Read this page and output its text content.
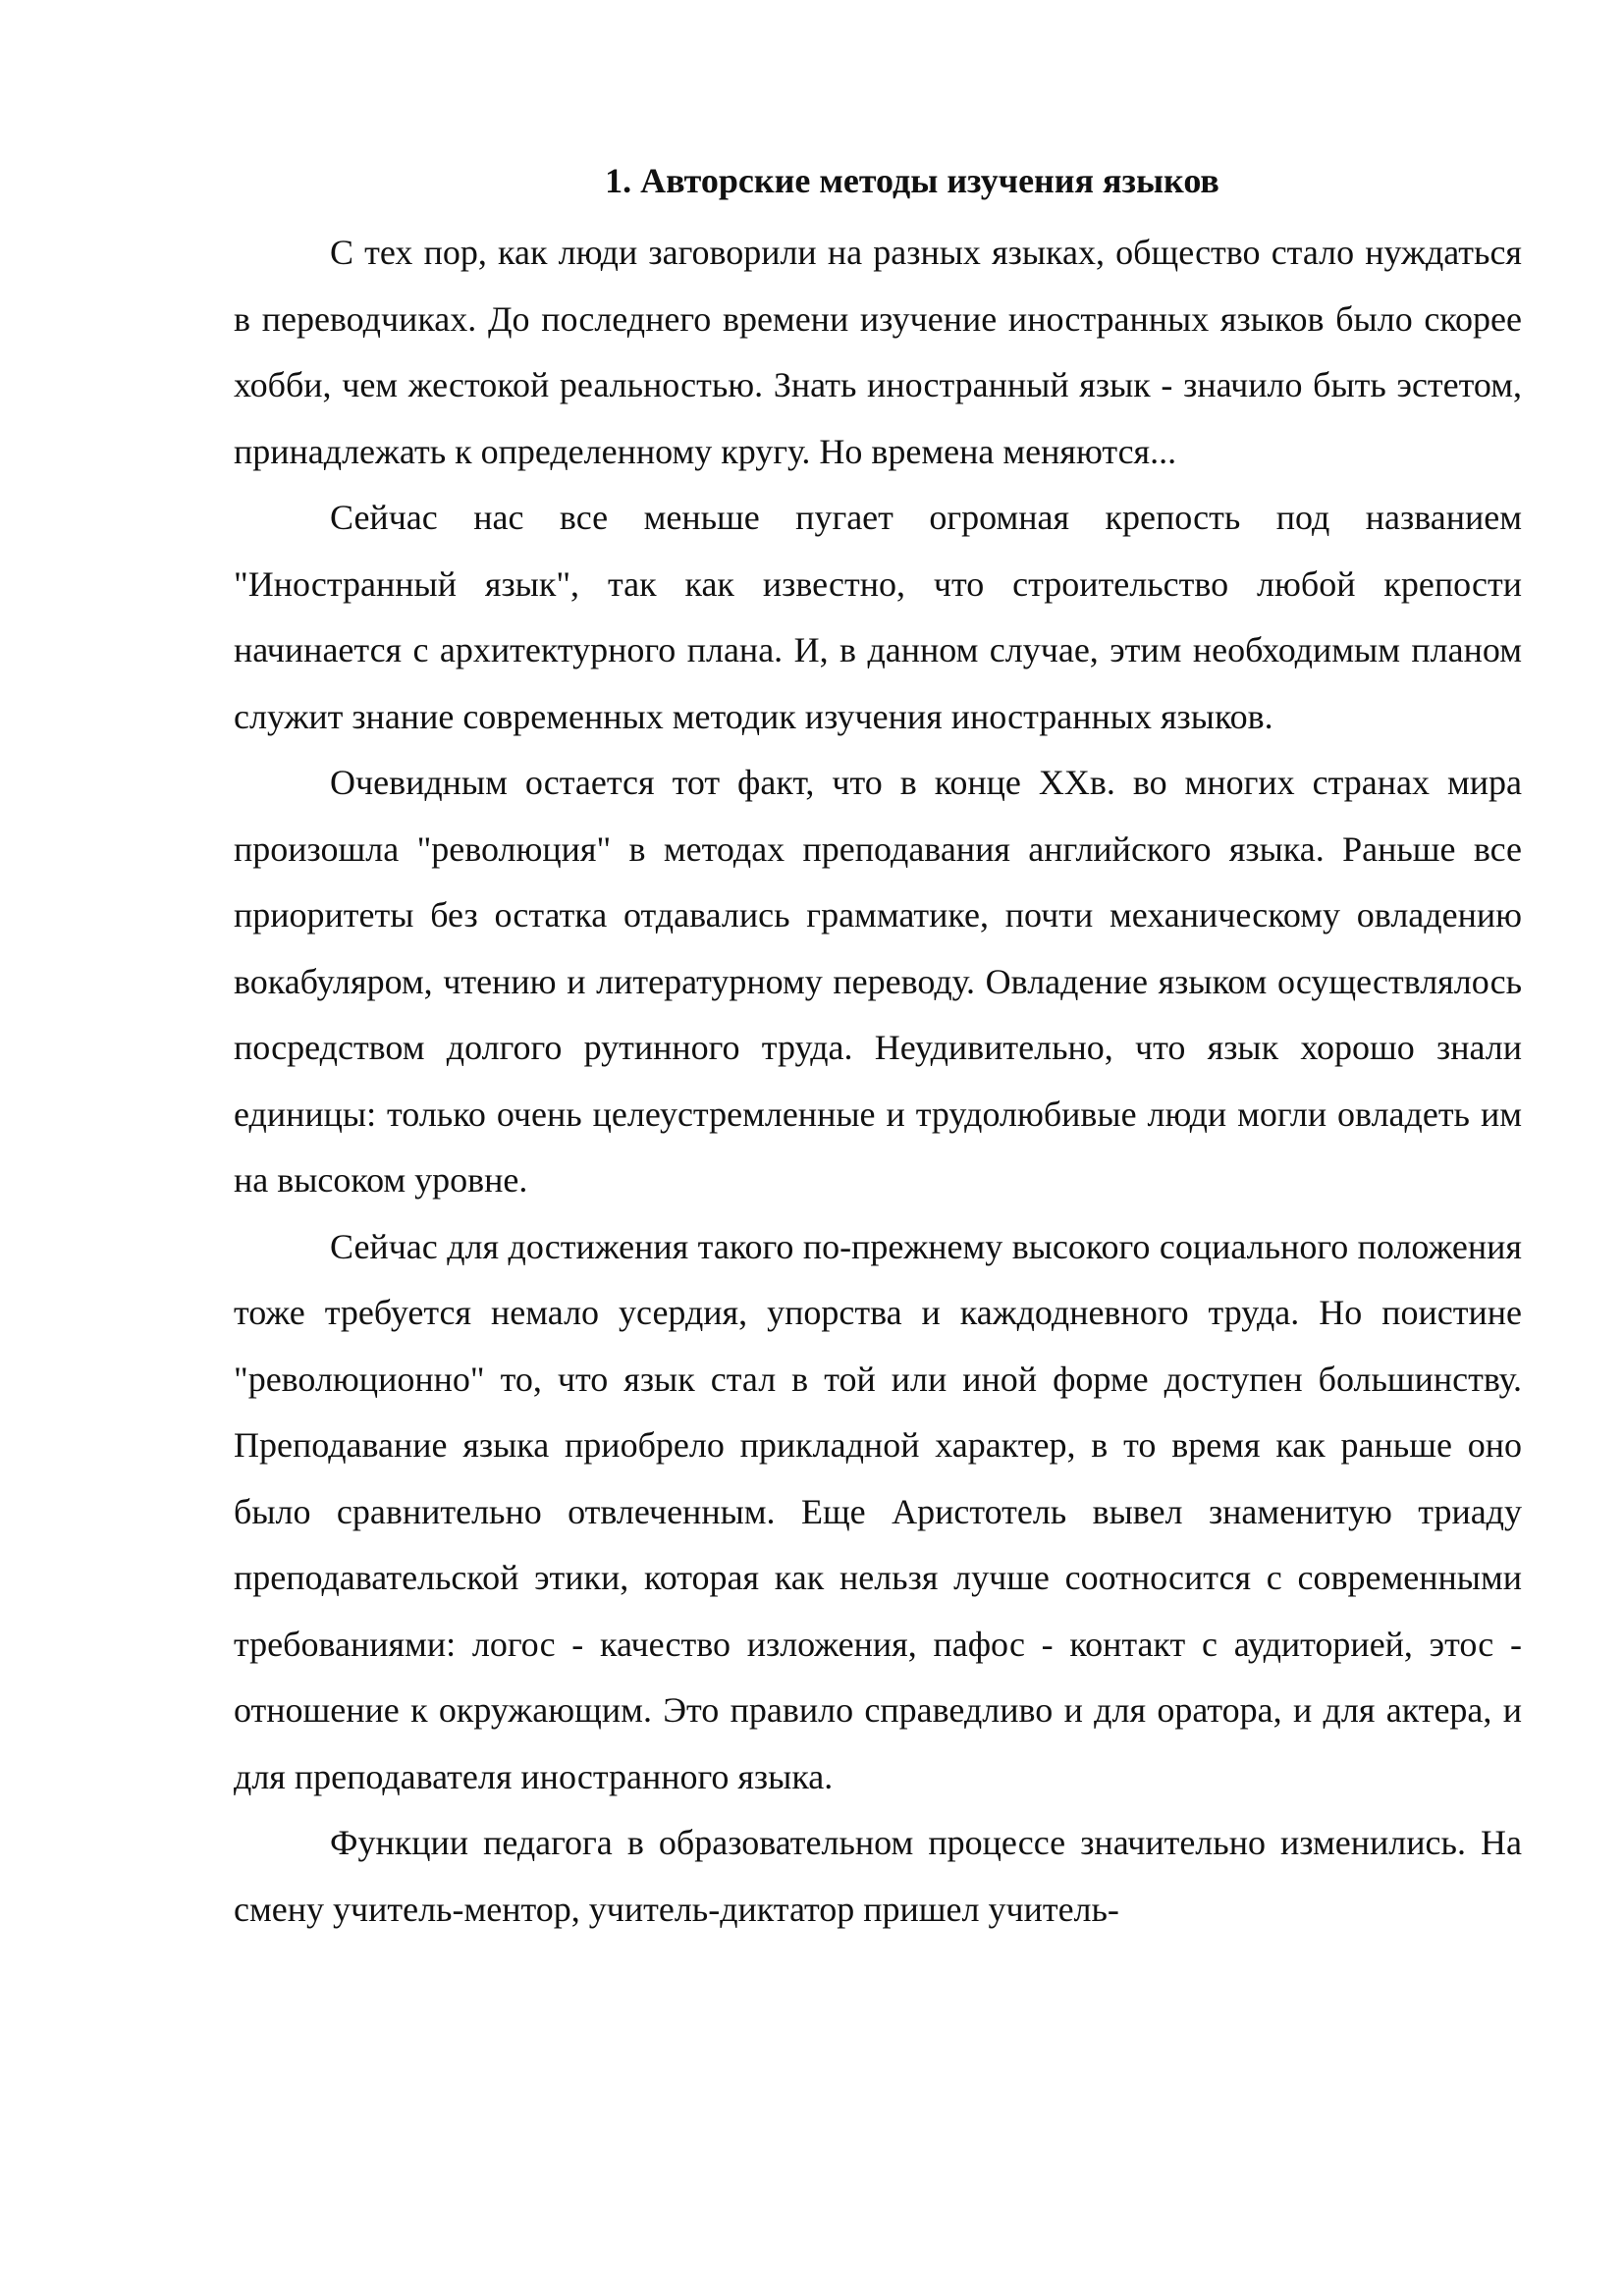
1. Авторские методы изучения языков

С тех пор, как люди заговорили на разных языках, общество стало нуждаться в переводчиках. До последнего времени изучение иностранных языков было скорее хобби, чем жестокой реальностью. Знать иностранный язык - значило быть эстетом, принадлежать к определенному кругу. Но времена меняются...

Сейчас нас все меньше пугает огромная крепость под названием "Иностранный язык", так как известно, что строительство любой крепости начинается с архитектурного плана. И, в данном случае, этим необходимым планом служит знание современных методик изучения иностранных языков.

Очевидным остается тот факт, что в конце XXв. во многих странах мира произошла "революция" в методах преподавания английского языка. Раньше все приоритеты без остатка отдавались грамматике, почти механическому овладению вокабуляром, чтению и литературному переводу. Овладение языком осуществлялось посредством долгого рутинного труда. Неудивительно, что язык хорошо знали единицы: только очень целеустремленные и трудолюбивые люди могли овладеть им на высоком уровне.

Сейчас для достижения такого по-прежнему высокого социального положения тоже требуется немало усердия, упорства и каждодневного труда. Но поистине "революционно" то, что язык стал в той или иной форме доступен большинству. Преподавание языка приобрело прикладной характер, в то время как раньше оно было сравнительно отвлеченным. Еще Аристотель вывел знаменитую триаду преподавательской этики, которая как нельзя лучше соотносится с современными требованиями: логос - качество изложения, пафос - контакт с аудиторией, этос - отношение к окружающим. Это правило справедливо и для оратора, и для актера, и для преподавателя иностранного языка.

Функции педагога в образовательном процессе значительно изменились. На смену учитель-ментор, учитель-диктатор пришел учитель-
